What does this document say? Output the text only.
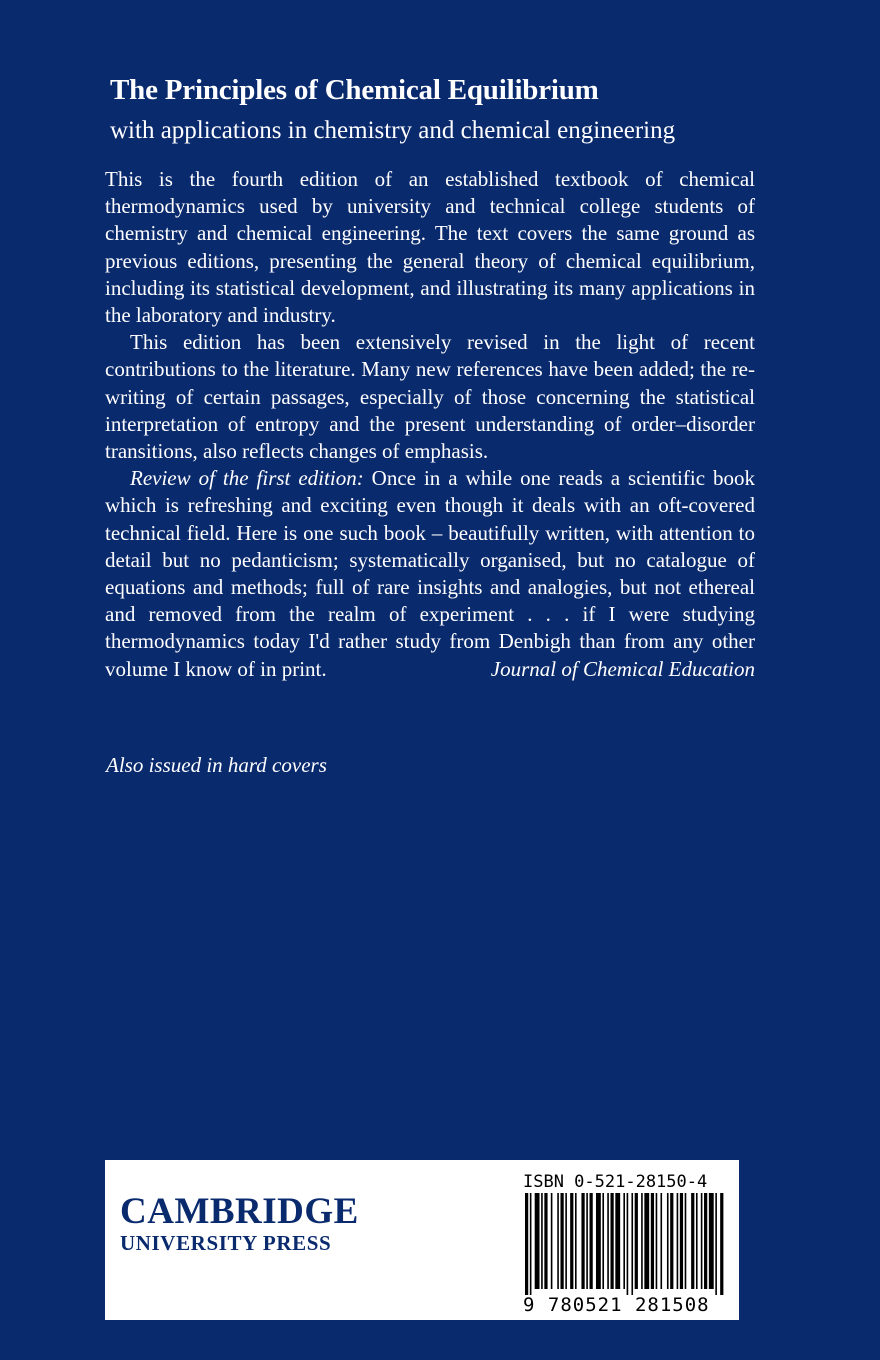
The Principles of Chemical Equilibrium
with applications in chemistry and chemical engineering

This is the fourth edition of an established textbook of chemical thermodynamics used by university and technical college students of chemistry and chemical engineering. The text covers the same ground as previous editions, presenting the general theory of chemical equilibrium, including its statistical development, and illustrating its many applications in the laboratory and industry.

This edition has been extensively revised in the light of recent contributions to the literature. Many new references have been added; the re-writing of certain passages, especially of those concerning the statistical interpretation of entropy and the present understanding of order–disorder transitions, also reflects changes of emphasis.

Review of the first edition: Once in a while one reads a scientific book which is refreshing and exciting even though it deals with an oft-covered technical field. Here is one such book – beautifully written, with attention to detail but no pedanticism; systematically organised, but no catalogue of equations and methods; full of rare insights and analogies, but not ethereal and removed from the realm of experiment . . . if I were studying thermodynamics today I'd rather study from Denbigh than from any other volume I know of in print.	Journal of Chemical Education

Also issued in hard covers
CAMBRIDGE
UNIVERSITY PRESS
ISBN 0-521-28150-4
9 780521 281508
